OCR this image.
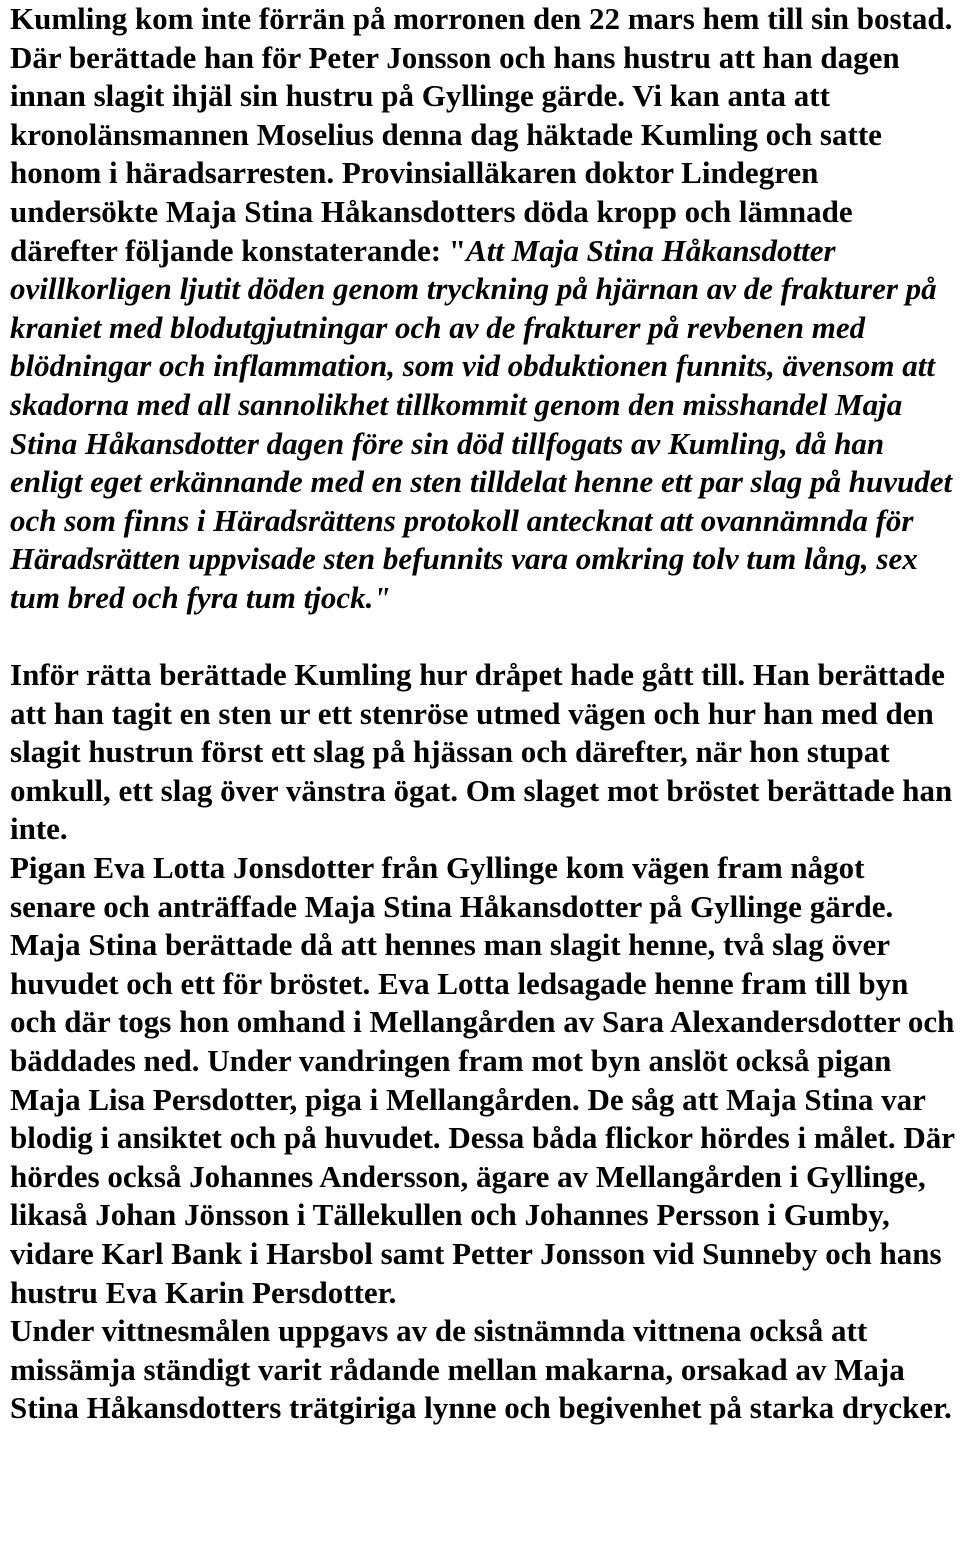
Kumling kom inte förrän på morronen den 22 mars hem till sin bostad. Där berättade han för Peter Jonsson och hans hustru att han dagen innan slagit ihjäl sin hustru på Gyllinge gärde. Vi kan anta att kronolänsmannen Moselius denna dag häktade Kumling och satte honom i häradsarresten. Provinsialläkaren doktor Lindegren undersökte Maja Stina Håkansdotters döda kropp och lämnade därefter följande konstaterande: "Att Maja Stina Håkansdotter ovillkorligen ljutit döden genom tryckning på hjärnan av de frakturer på kraniet med blodutgjutningar och av de frakturer på revbenen med blödningar och inflammation, som vid obduktionen funnits, ävensom att skadorna med all sannolikhet tillkommit genom den misshandel Maja Stina Håkansdotter dagen före sin död tillfogats av Kumling, då han enligt eget erkännande med en sten tilldelat henne ett par slag på huvudet och som finns i Häradsrättens protokoll antecknat att ovannämnda för Häradsrätten uppvisade sten befunnits vara omkring tolv tum lång, sex tum bred och fyra tum tjock."

Inför rätta berättade Kumling hur dråpet hade gått till. Han berättade att han tagit en sten ur ett stenröse utmed vägen och hur han med den slagit hustrun först ett slag på hjässan och därefter, när hon stupat omkull, ett slag över vänstra ögat. Om slaget mot bröstet berättade han inte.

Pigan Eva Lotta Jonsdotter från Gyllinge kom vägen fram något senare och anträffade Maja Stina Håkansdotter på Gyllinge gärde. Maja Stina berättade då att hennes man slagit henne, två slag över huvudet och ett för bröstet. Eva Lotta ledsagade henne fram till byn och där togs hon omhand i Mellangården av Sara Alexandersdotter och bäddades ned. Under vandringen fram mot byn anslöt också pigan Maja Lisa Persdotter, piga i Mellangården. De såg att Maja Stina var blodig i ansiktet och på huvudet. Dessa båda flickor hördes i målet. Där hördes också Johannes Andersson, ägare av Mellangården i Gyllinge, likaså Johan Jönsson i Tällekullen och Johannes Persson i Gumby, vidare Karl Bank i Harsbol samt Petter Jonsson vid Sunneby och hans hustru Eva Karin Persdotter.

Under vittnesmålen uppgavs av de sistnämnda vittnena också att missämja ständigt varit rådande mellan makarna, orsakad av Maja Stina Håkansdotters trätgiriga lynne och begivenhet på starka drycker.
